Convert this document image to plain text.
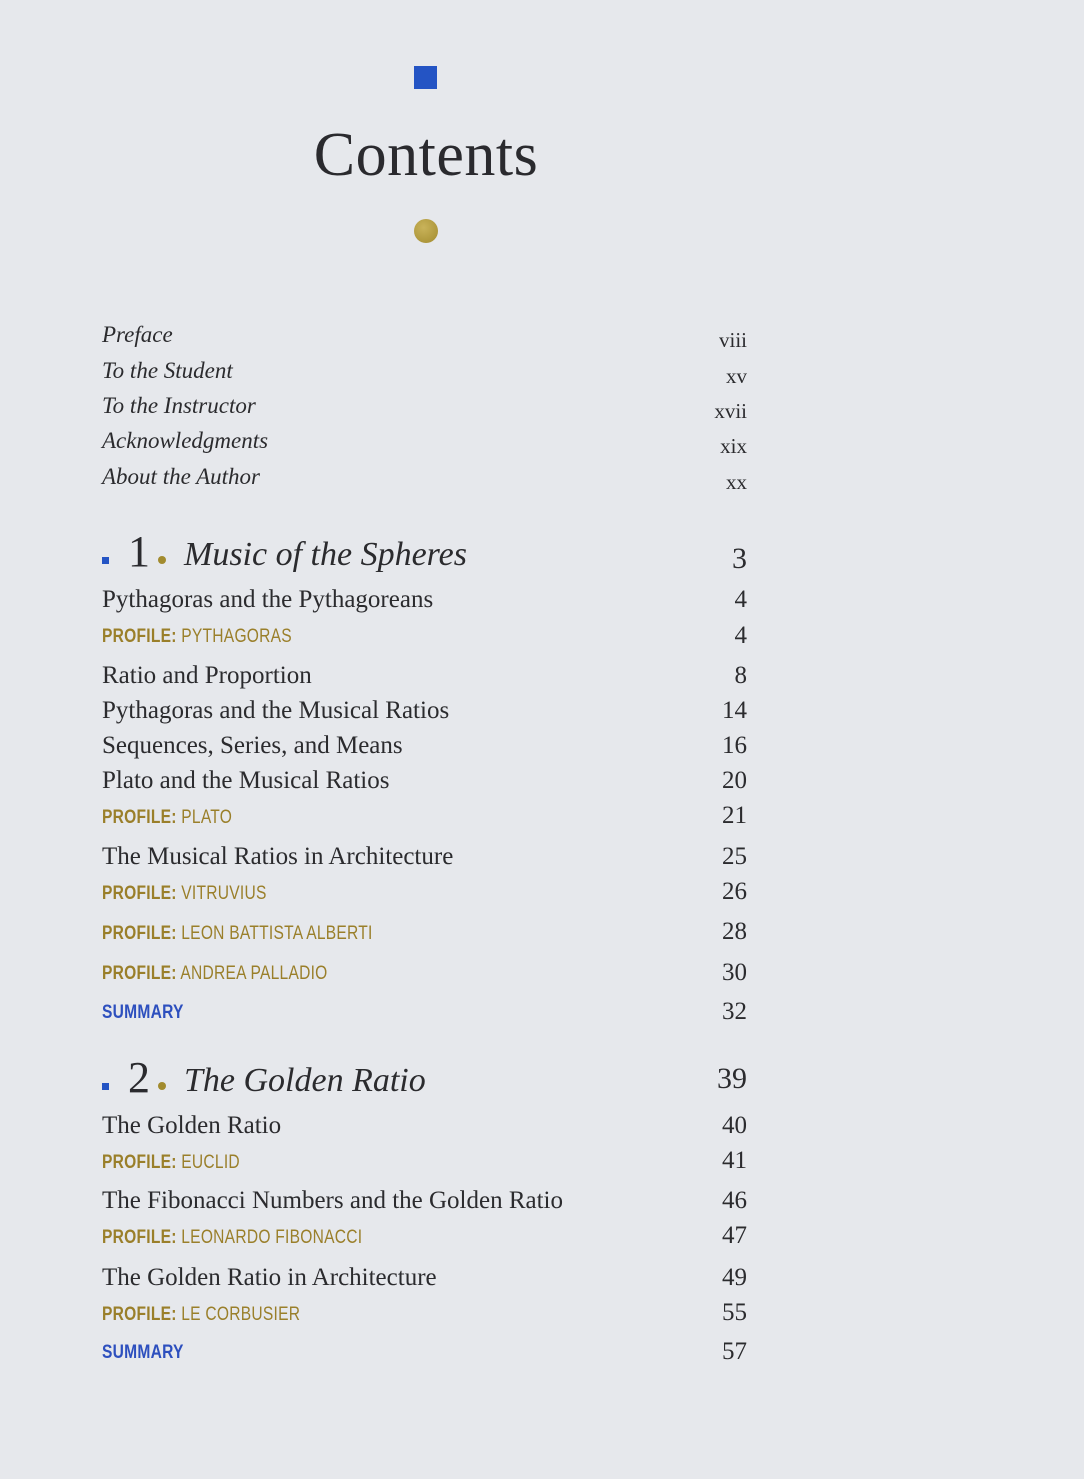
Contents
Preface	viii
To the Student	xv
To the Instructor	xvii
Acknowledgments	xix
About the Author	xx
1 Music of the Spheres	3
Pythagoras and the Pythagoreans	4
PROFILE: PYTHAGORAS	4
Ratio and Proportion	8
Pythagoras and the Musical Ratios	14
Sequences, Series, and Means	16
Plato and the Musical Ratios	20
PROFILE: PLATO	21
The Musical Ratios in Architecture	25
PROFILE: VITRUVIUS	26
PROFILE: LEON BATTISTA ALBERTI	28
PROFILE: ANDREA PALLADIO	30
SUMMARY	32
2 The Golden Ratio	39
The Golden Ratio	40
PROFILE: EUCLID	41
The Fibonacci Numbers and the Golden Ratio	46
PROFILE: LEONARDO FIBONACCI	47
The Golden Ratio in Architecture	49
PROFILE: LE CORBUSIER	55
SUMMARY	57
